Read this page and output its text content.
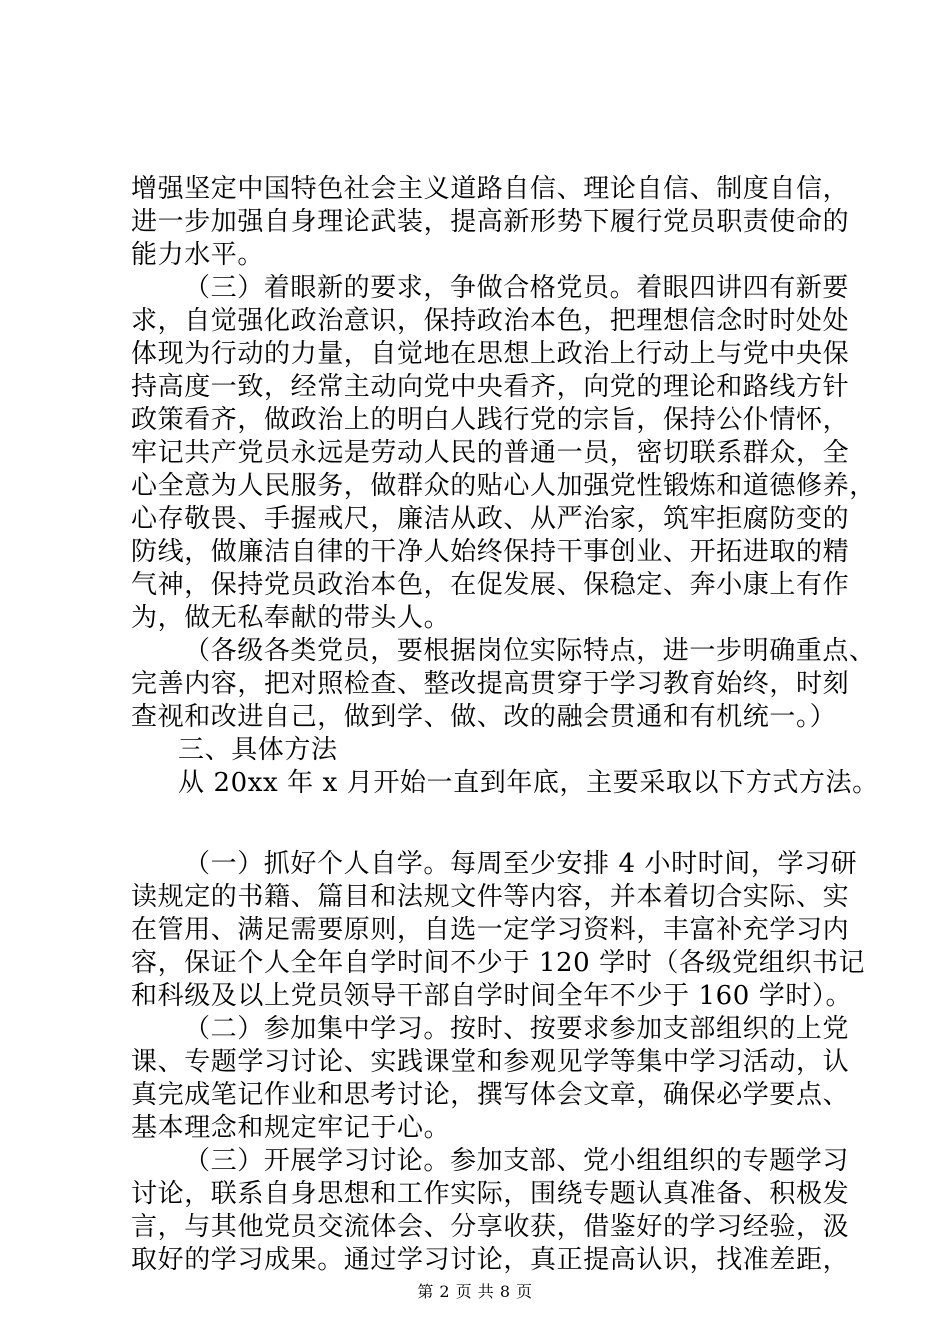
增强坚定中国特色社会主义道路自信、理论自信、制度自信，
进一步加强自身理论武装，提高新形势下履行党员职责使命的
能力水平。
（三）着眼新的要求，争做合格党员。着眼四讲四有新要
求，自觉强化政治意识，保持政治本色，把理想信念时时处处
体现为行动的力量，自觉地在思想上政治上行动上与党中央保
持高度一致，经常主动向党中央看齐，向党的理论和路线方针
政策看齐，做政治上的明白人践行党的宗旨，保持公仆情怀，
牢记共产党员永远是劳动人民的普通一员，密切联系群众，全
心全意为人民服务，做群众的贴心人加强党性锻炼和道德修养，
心存敬畏、手握戒尺，廉洁从政、从严治家，筑牢拒腐防变的
防线，做廉洁自律的干净人始终保持干事创业、开拓进取的精
气神，保持党员政治本色，在促发展、保稳定、奔小康上有作
为，做无私奉献的带头人。
（各级各类党员，要根据岗位实际特点，进一步明确重点、
完善内容，把对照检查、整改提高贯穿于学习教育始终，时刻
查视和改进自己，做到学、做、改的融会贯通和有机统一。）
三、具体方法
从 20xx 年 x 月开始一直到年底，主要采取以下方式方法。
（一）抓好个人自学。每周至少安排 4 小时时间，学习研
读规定的书籍、篇目和法规文件等内容，并本着切合实际、实
在管用、满足需要原则，自选一定学习资料，丰富补充学习内
容，保证个人全年自学时间不少于 120 学时（各级党组织书记
和科级及以上党员领导干部自学时间全年不少于 160 学时）。
（二）参加集中学习。按时、按要求参加支部组织的上党
课、专题学习讨论、实践课堂和参观见学等集中学习活动，认
真完成笔记作业和思考讨论，撰写体会文章，确保必学要点、
基本理念和规定牢记于心。
（三）开展学习讨论。参加支部、党小组组织的专题学习
讨论，联系自身思想和工作实际，围绕专题认真准备、积极发
言，与其他党员交流体会、分享收获，借鉴好的学习经验，汲
取好的学习成果。通过学习讨论，真正提高认识，找准差距，
第 2 页 共 8 页
